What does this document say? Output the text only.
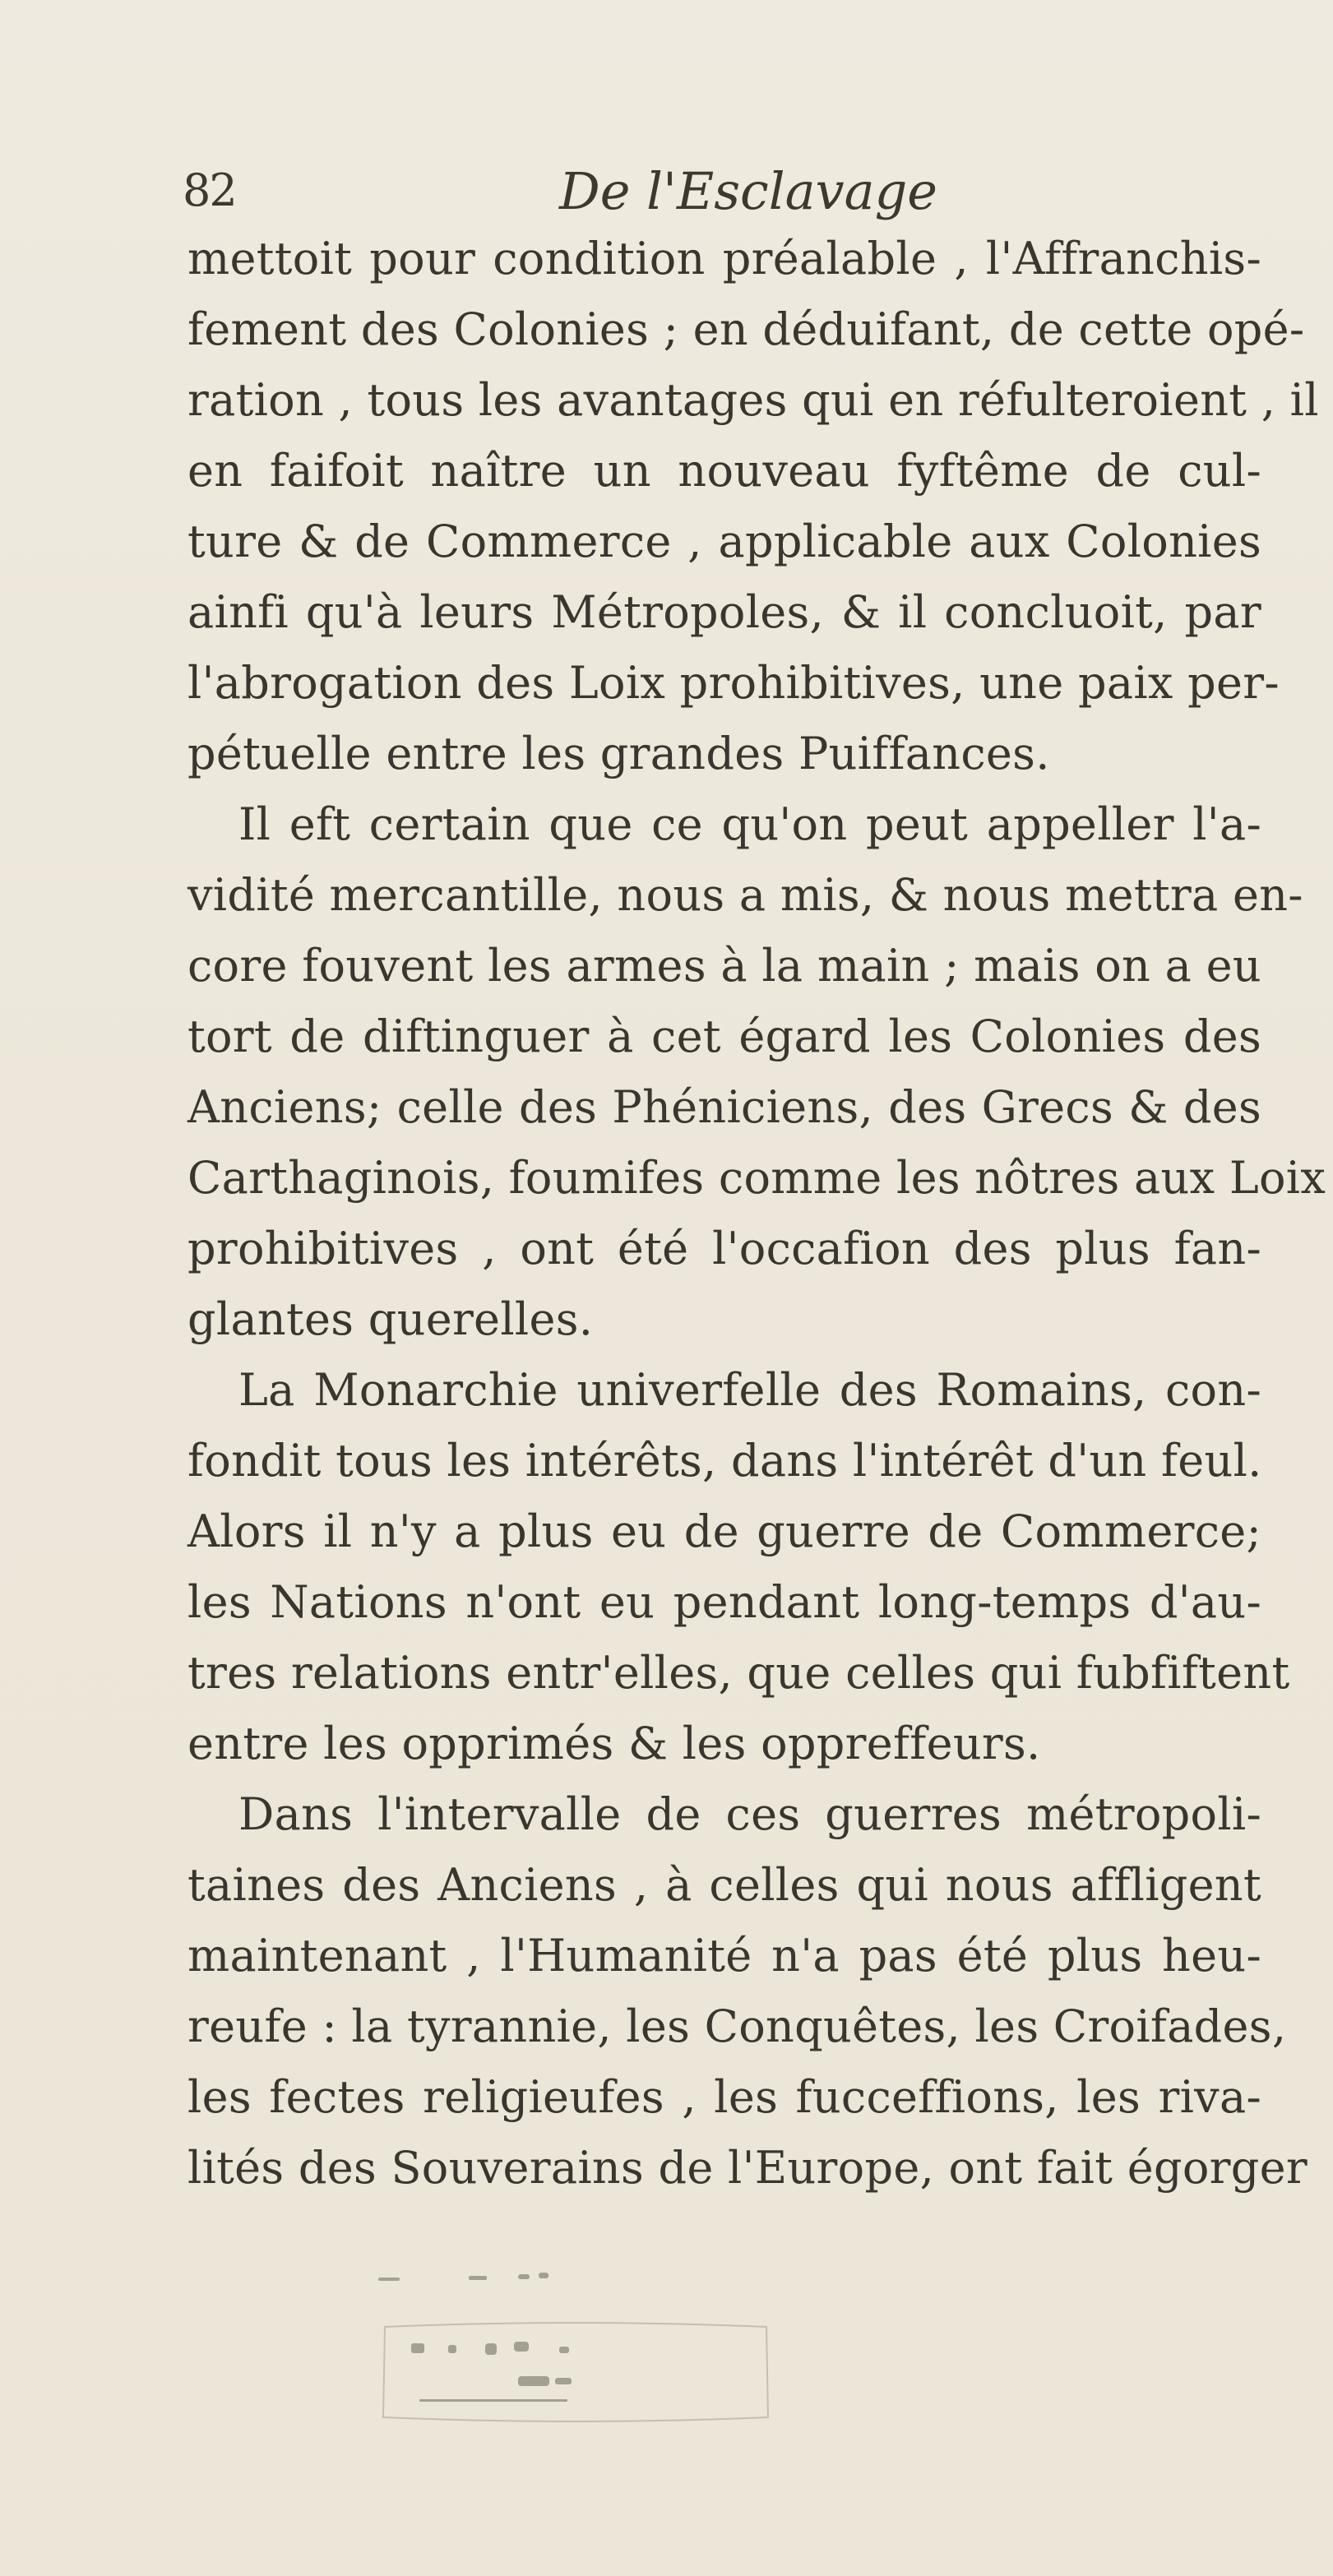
82	De l'Esclavage
mettoit pour condition préalable , l'Affranchis-
fement des Colonies ; en déduifant, de cette opé-
ration , tous les avantages qui en réfulteroient , il
en faifoit naître un nouveau fyftême de cul-
ture & de Commerce , applicable aux Colonies
ainfi qu'à leurs Métropoles, & il concluoit, par
l'abrogation des Loix prohibitives, une paix per-
pétuelle entre les grandes Puiffances.
Il eft certain que ce qu'on peut appeller l'a-
vidité mercantille, nous a mis, & nous mettra en-
core fouvent les armes à la main ; mais on a eu
tort de diftinguer à cet égard les Colonies des
Anciens; celle des Phéniciens, des Grecs & des
Carthaginois, foumifes comme les nôtres aux Loix
prohibitives , ont été l'occafion des plus fan-
glantes querelles.
La Monarchie univerfelle des Romains, con-
fondit tous les intérêts, dans l'intérêt d'un feul.
Alors il n'y a plus eu de guerre de Commerce;
les Nations n'ont eu pendant long-temps d'au-
tres relations entr'elles, que celles qui fubfiftent
entre les opprimés & les oppreffeurs.
Dans l'intervalle de ces guerres métropoli-
taines des Anciens , à celles qui nous affligent
maintenant , l'Humanité n'a pas été plus heu-
reufe : la tyrannie, les Conquêtes, les Croifades,
les fectes religieufes , les fucceffions, les riva-
lités des Souverains de l'Europe, ont fait égorger
